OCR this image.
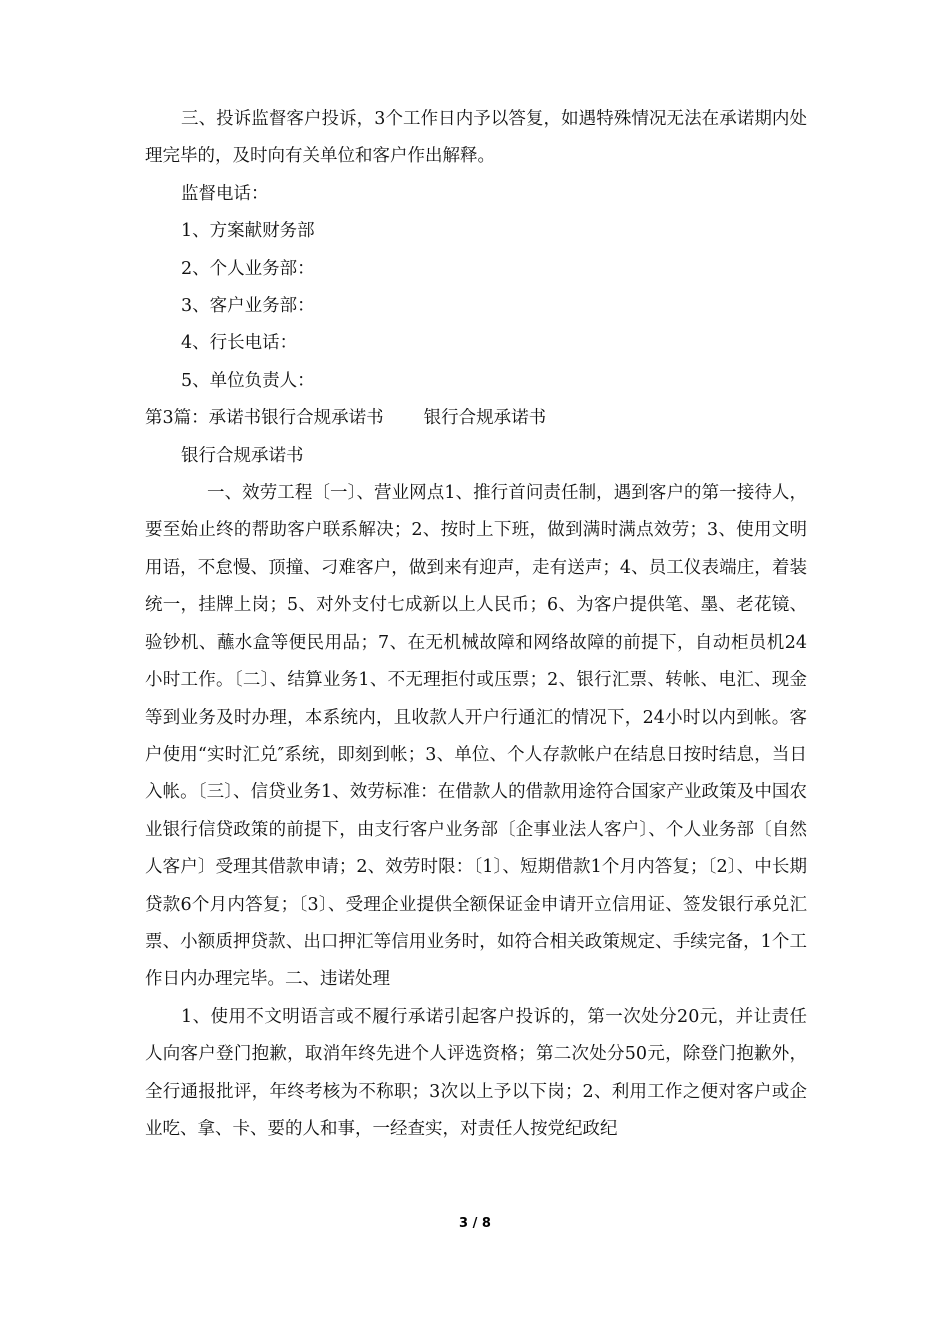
三、投诉监督客户投诉，3个工作日内予以答复，如遇特殊情况无法在承诺期内处理完毕的，及时向有关单位和客户作出解释。

监督电话：

1、方案献财务部

2、个人业务部：

3、客户业务部：

4、行长电话：

5、单位负责人：

第3篇：承诺书银行合规承诺书 银行合规承诺书

银行合规承诺书

一、效劳工程〔一〕、营业网点1、推行首问责任制，遇到客户的第一接待人，要至始止终的帮助客户联系解决；2、按时上下班，做到满时满点效劳；3、使用文明用语，不怠慢、顶撞、刁难客户，做到来有迎声，走有送声；4、员工仪表端庄，着装统一，挂牌上岗；5、对外支付七成新以上人民币；6、为客户提供笔、墨、老花镜、验钞机、蘸水盒等便民用品；7、在无机械故障和网络故障的前提下，自动柜员机24小时工作。〔二〕、结算业务1、不无理拒付或压票；2、银行汇票、转帐、电汇、现金等到业务及时办理，本系统内，且收款人开户行通汇的情况下，24小时以内到帐。客户使用“实时汇兑″系统，即刻到帐；3、单位、个人存款帐户在结息日按时结息，当日入帐。〔三〕、信贷业务1、效劳标准：在借款人的借款用途符合国家产业政策及中国农业银行信贷政策的前提下，由支行客户业务部〔企事业法人客户〕、个人业务部〔自然人客户〕受理其借款申请；2、效劳时限：〔1〕、短期借款1个月内答复；〔2〕、中长期贷款6个月内答复；〔3〕、受理企业提供全额保证金申请开立信用证、签发银行承兑汇票、小额质押贷款、出口押汇等信用业务时，如符合相关政策规定、手续完备，1个工作日内办理完毕。二、违诺处理

1、使用不文明语言或不履行承诺引起客户投诉的，第一次处分20元，并让责任人向客户登门抱歉，取消年终先进个人评选资格；第二次处分50元，除登门抱歉外，全行通报批评，年终考核为不称职；3次以上予以下岗；2、利用工作之便对客户或企业吃、拿、卡、要的人和事，一经查实，对责任人按党纪政纪

3 / 8
